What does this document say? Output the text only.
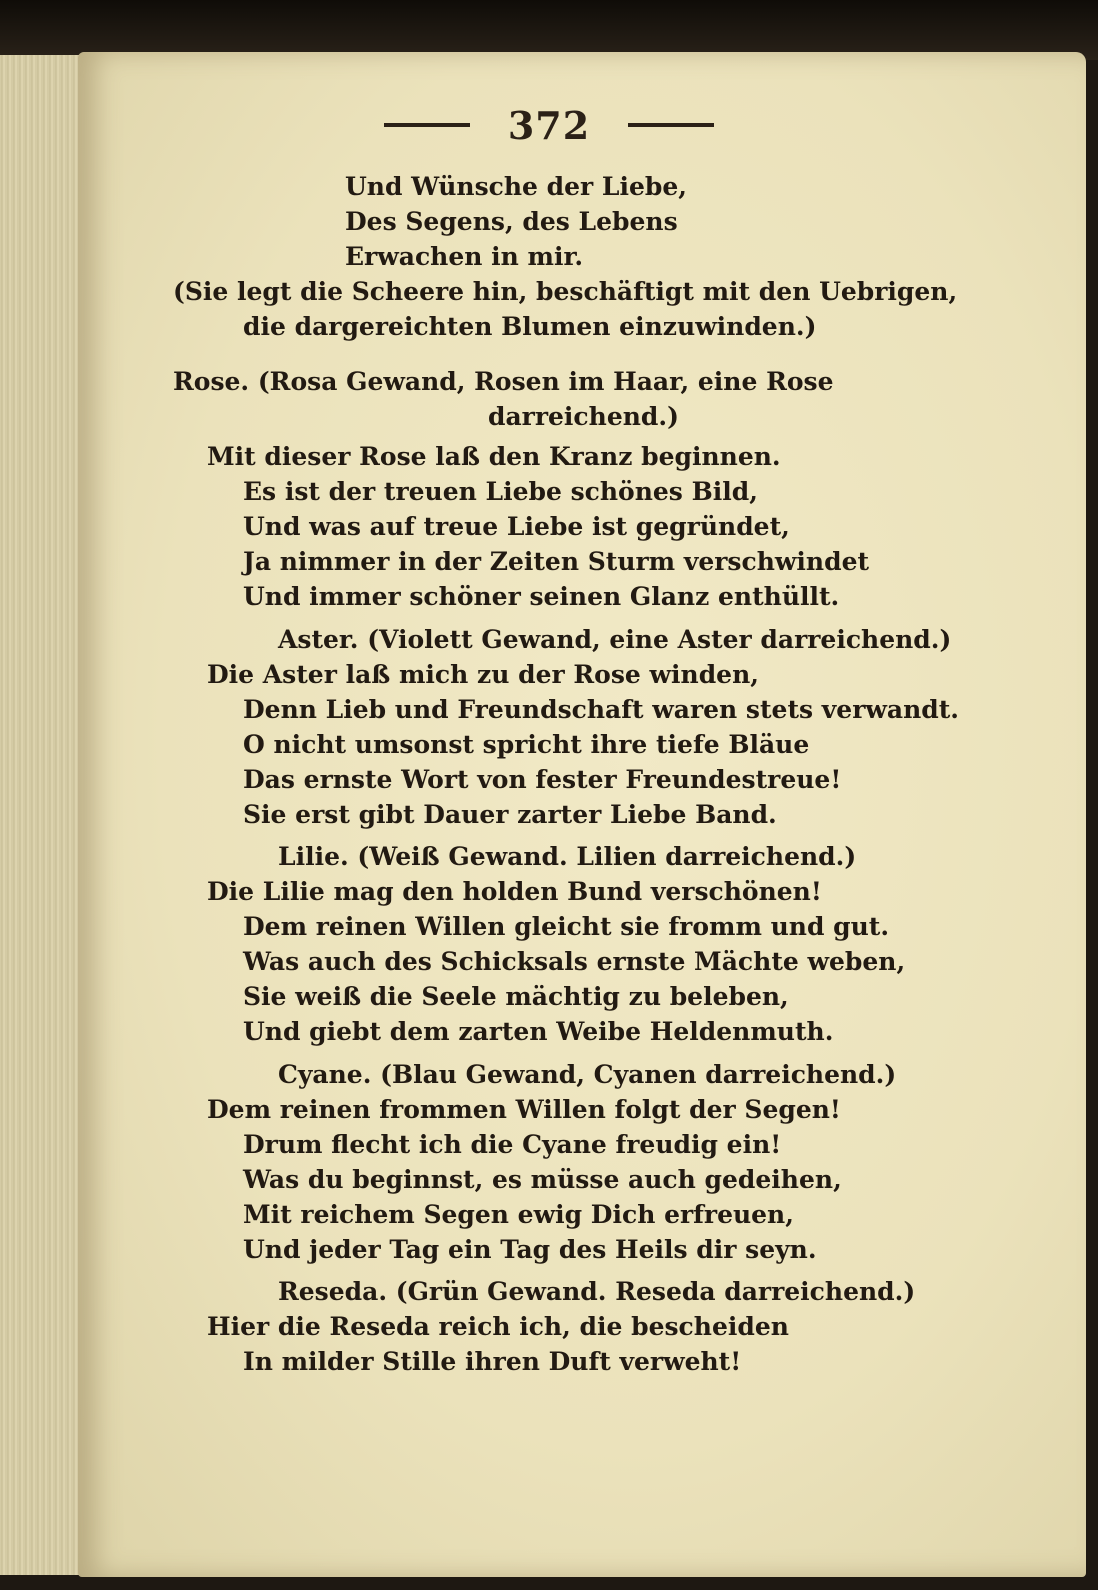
372
Und Wünsche der Liebe,
Des Segens, des Lebens
Erwachen in mir.
(Sie legt die Scheere hin, beschäftigt mit den Uebrigen,
die dargereichten Blumen einzuwinden.)
Rose. (Rosa Gewand, Rosen im Haar, eine Rose
darreichend.)
Mit dieser Rose laß den Kranz beginnen.
Es ist der treuen Liebe schönes Bild,
Und was auf treue Liebe ist gegründet,
Ja nimmer in der Zeiten Sturm verschwindet
Und immer schöner seinen Glanz enthüllt.
Aster. (Violett Gewand, eine Aster darreichend.)
Die Aster laß mich zu der Rose winden,
Denn Lieb und Freundschaft waren stets verwandt.
O nicht umsonst spricht ihre tiefe Bläue
Das ernste Wort von fester Freundestreue!
Sie erst gibt Dauer zarter Liebe Band.
Lilie. (Weiß Gewand. Lilien darreichend.)
Die Lilie mag den holden Bund verschönen!
Dem reinen Willen gleicht sie fromm und gut.
Was auch des Schicksals ernste Mächte weben,
Sie weiß die Seele mächtig zu beleben,
Und giebt dem zarten Weibe Heldenmuth.
Cyane. (Blau Gewand, Cyanen darreichend.)
Dem reinen frommen Willen folgt der Segen!
Drum flecht ich die Cyane freudig ein!
Was du beginnst, es müsse auch gedeihen,
Mit reichem Segen ewig Dich erfreuen,
Und jeder Tag ein Tag des Heils dir seyn.
Reseda. (Grün Gewand. Reseda darreichend.)
Hier die Reseda reich ich, die bescheiden
In milder Stille ihren Duft verweht!
